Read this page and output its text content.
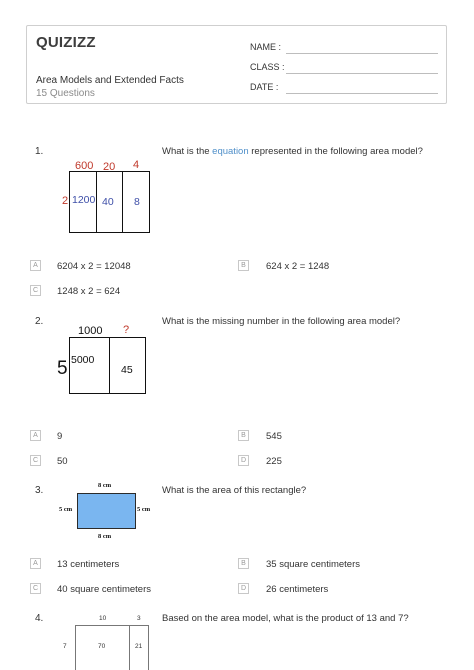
QUIZIZZ
Area Models and Extended Facts
15 Questions
NAME :
CLASS :
DATE :
1.	What is the equation represented in the following area model?
600 20 4
2 1200 40 8
A	6204 x 2 = 12048	B	624 x 2 = 1248
C	1248 x 2 = 624
2.	What is the missing number in the following area model?
1000 ?
5 5000
45
A	9	B	545
C	50	D	225
3.	What is the area of this rectangle?
8 cm
5 cm	5 cm
8 cm
A	13 centimeters	B	35 square centimeters
C	40 square centimeters	D	26 centimeters
4.	Based on the area model, what is the product of 13 and 7?
10	3
7	70	21
